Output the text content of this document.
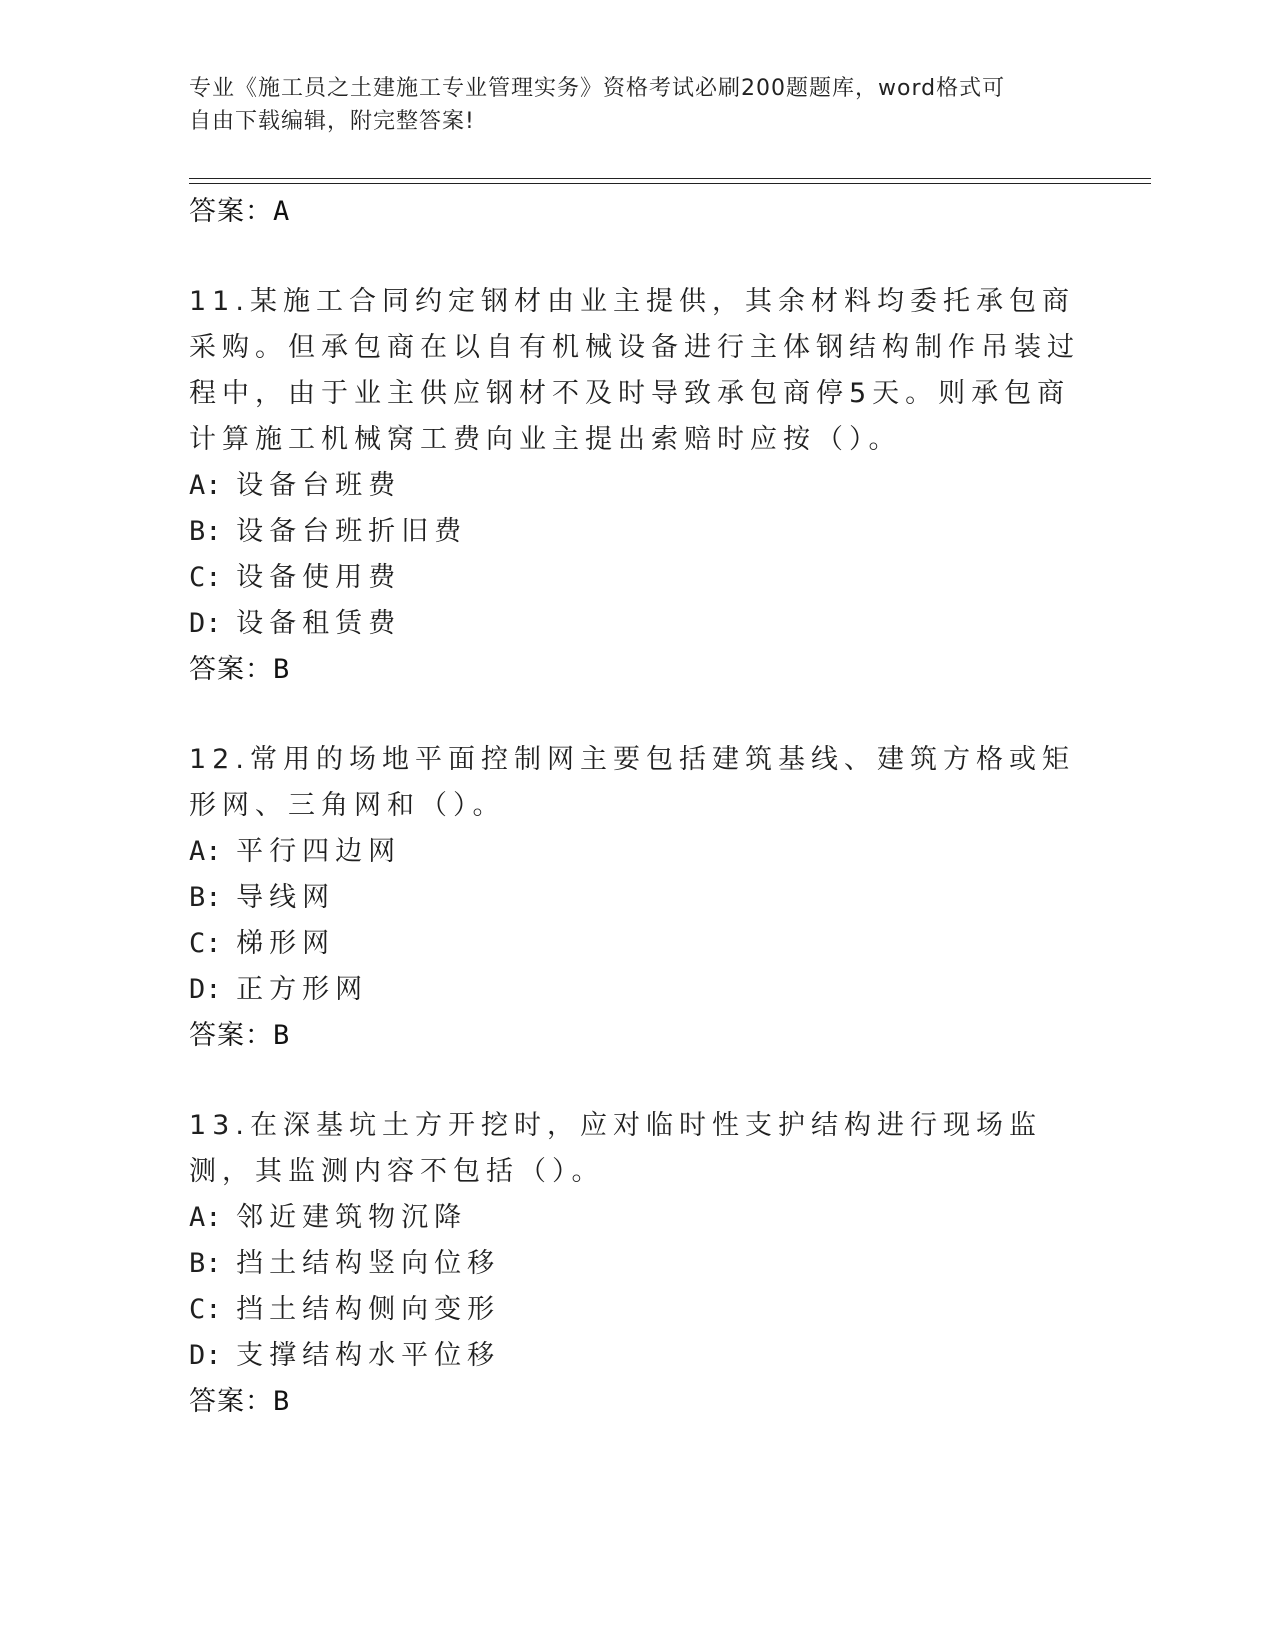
专业《施工员之土建施工专业管理实务》资格考试必刷200题题库，word格式可
自由下载编辑，附完整答案!
答案：A
11.某施工合同约定钢材由业主提供，其余材料均委托承包商采购。但承包商在以自有机械设备进行主体钢结构制作吊装过程中，由于业主供应钢材不及时导致承包商停5天。则承包商计算施工机械窝工费向业主提出索赔时应按（）。
A: 设备台班费
B: 设备台班折旧费
C: 设备使用费
D: 设备租赁费
答案：B
12.常用的场地平面控制网主要包括建筑基线、建筑方格或矩形网、三角网和（）。
A: 平行四边网
B: 导线网
C: 梯形网
D: 正方形网
答案：B
13.在深基坑土方开挖时，应对临时性支护结构进行现场监测，其监测内容不包括（）。
A: 邻近建筑物沉降
B: 挡土结构竖向位移
C: 挡土结构侧向变形
D: 支撑结构水平位移
答案：B
